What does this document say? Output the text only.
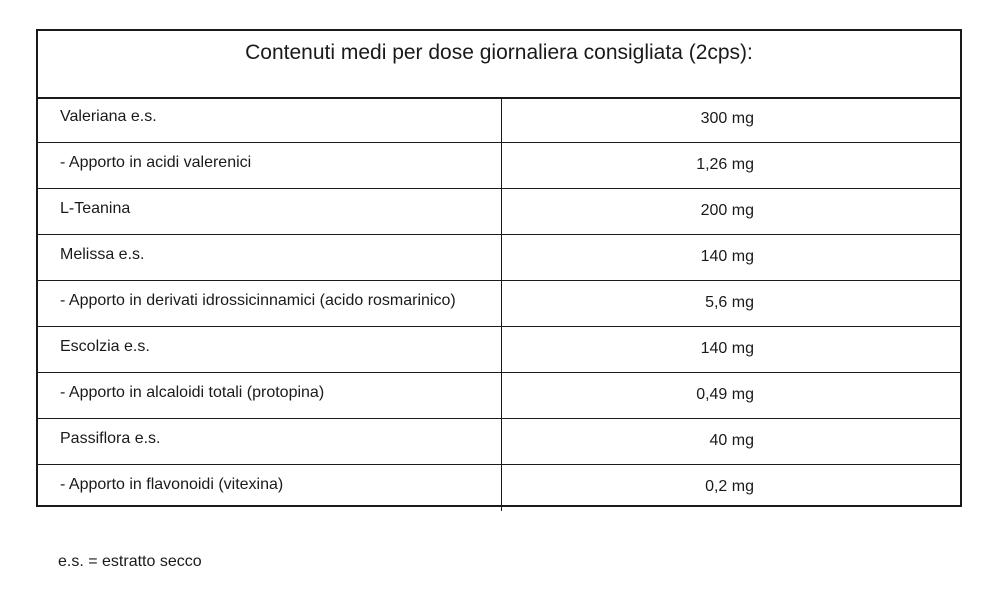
Contenuti medi per dose giornaliera consigliata (2cps):
Valeriana e.s.	300 mg
- Apporto in acidi valerenici	1,26 mg
L-Teanina	200 mg
Melissa e.s.	140 mg
- Apporto in derivati idrossicinnamici (acido rosmarinico)	5,6 mg
Escolzia e.s.	140 mg
- Apporto in alcaloidi totali (protopina)	0,49 mg
Passiflora e.s.	40 mg
- Apporto in flavonoidi (vitexina)	0,2 mg
e.s. = estratto secco
